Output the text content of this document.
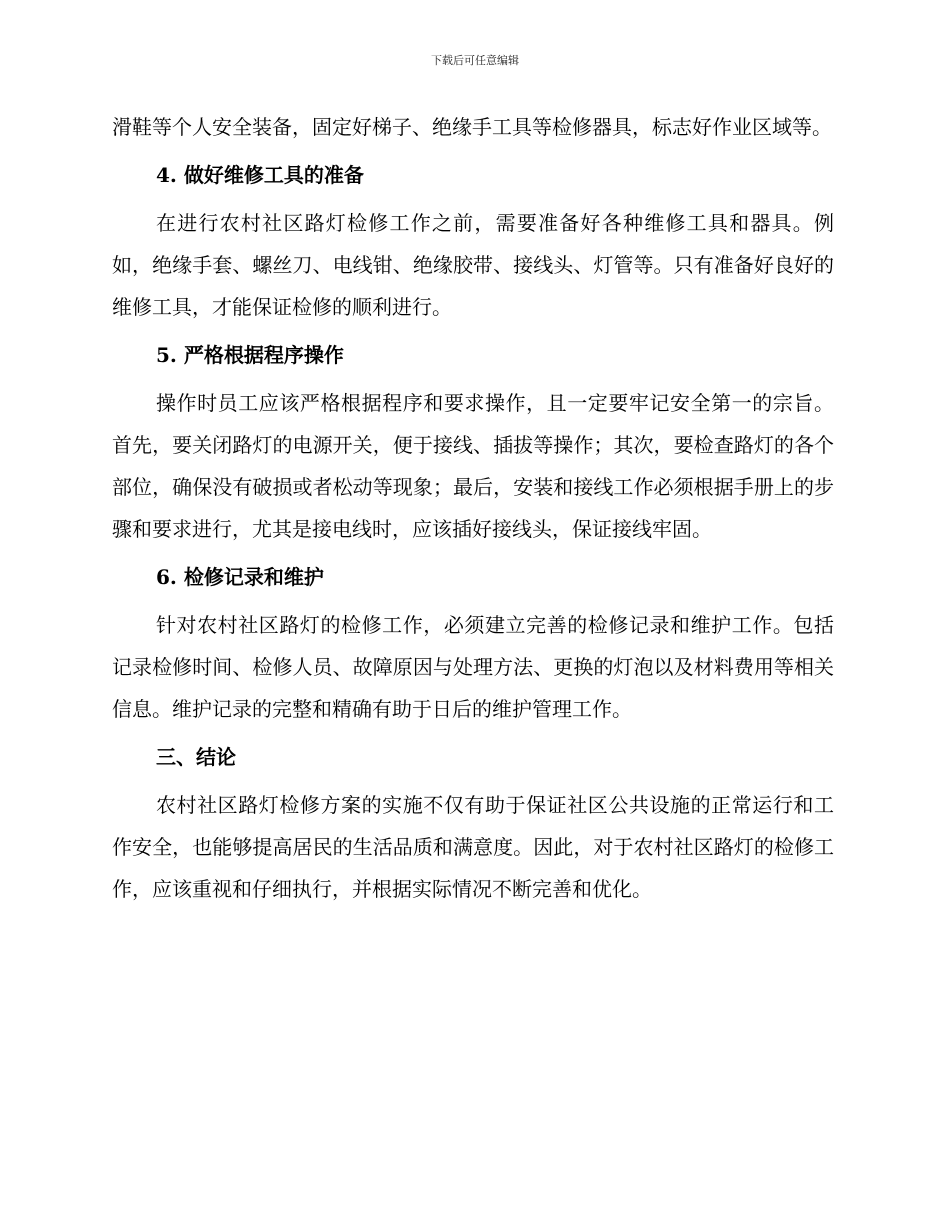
下载后可任意编辑

滑鞋等个人安全装备，固定好梯子、绝缘手工具等检修器具，标志好作业区域等。

4. 做好维修工具的准备

在进行农村社区路灯检修工作之前，需要准备好各种维修工具和器具。例如，绝缘手套、螺丝刀、电线钳、绝缘胶带、接线头、灯管等。只有准备好良好的维修工具，才能保证检修的顺利进行。

5. 严格根据程序操作

操作时员工应该严格根据程序和要求操作，且一定要牢记安全第一的宗旨。首先，要关闭路灯的电源开关，便于接线、插拔等操作；其次，要检查路灯的各个部位，确保没有破损或者松动等现象；最后，安装和接线工作必须根据手册上的步骤和要求进行，尤其是接电线时，应该插好接线头，保证接线牢固。

6. 检修记录和维护

针对农村社区路灯的检修工作，必须建立完善的检修记录和维护工作。包括记录检修时间、检修人员、故障原因与处理方法、更换的灯泡以及材料费用等相关信息。维护记录的完整和精确有助于日后的维护管理工作。

三、结论

农村社区路灯检修方案的实施不仅有助于保证社区公共设施的正常运行和工作安全，也能够提高居民的生活品质和满意度。因此，对于农村社区路灯的检修工作，应该重视和仔细执行，并根据实际情况不断完善和优化。
